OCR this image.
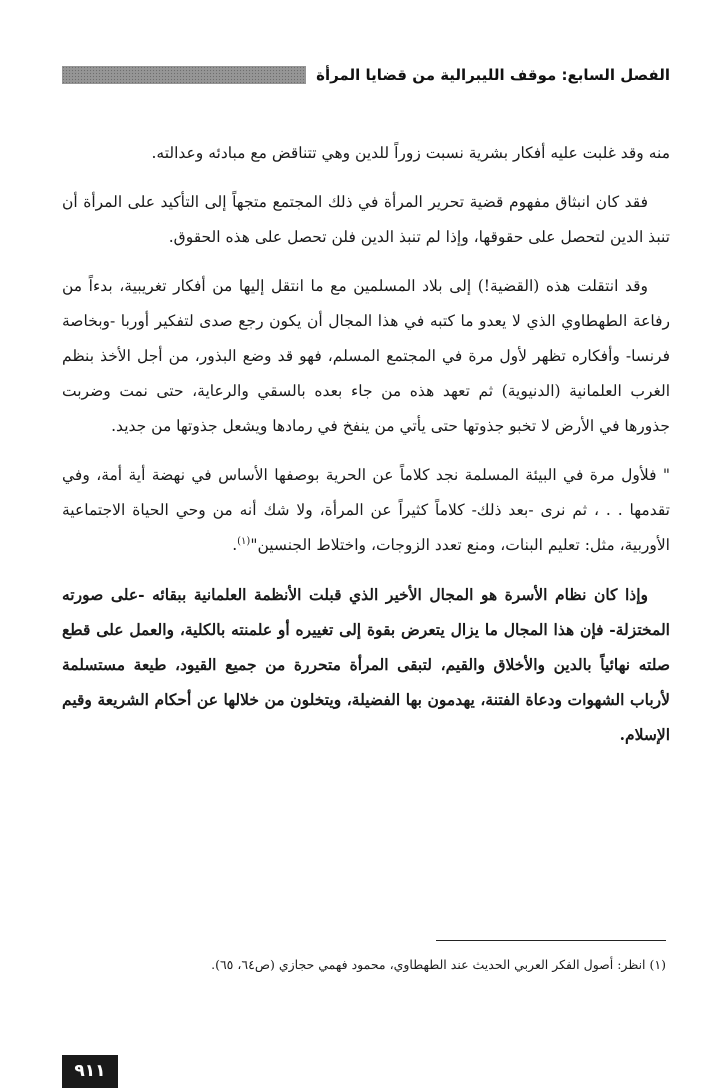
الفصل السابع: موقف الليبرالية من قضايا المرأة

منه وقد غلبت عليه أفكار بشرية نسبت زوراً للدين وهي تتناقض مع مبادئه وعدالته.

فقد كان انبثاق مفهوم قضية تحرير المرأة في ذلك المجتمع متجهاً إلى التأكيد على المرأة أن تنبذ الدين لتحصل على حقوقها، وإذا لم تنبذ الدين فلن تحصل على هذه الحقوق.

وقد انتقلت هذه (القضية!) إلى بلاد المسلمين مع ما انتقل إليها من أفكار تغريبية، بدءاً من رفاعة الطهطاوي الذي لا يعدو ما كتبه في هذا المجال أن يكون رجع صدى لتفكير أوربا -وبخاصة فرنسا- وأفكاره تظهر لأول مرة في المجتمع المسلم، فهو قد وضع البذور، من أجل الأخذ بنظم الغرب العلمانية (الدنيوية) ثم تعهد هذه من جاء بعده بالسقي والرعاية، حتى نمت وضربت جذورها في الأرض لا تخبو جذوتها حتى يأتي من ينفخ في رمادها ويشعل جذوتها من جديد.

" فلأول مرة في البيئة المسلمة نجد كلاماً عن الحرية بوصفها الأساس في نهضة أية أمة، وفي تقدمها . . ، ثم نرى -بعد ذلك- كلاماً كثيراً عن المرأة، ولا شك أنه من وحي الحياة الاجتماعية الأوربية، مثل: تعليم البنات، ومنع تعدد الزوجات، واختلاط الجنسين"$^{(١)}$.

وإذا كان نظام الأسرة هو المجال الأخير الذي قبلت الأنظمة العلمانية ببقائه -على صورته المختزلة- فإن هذا المجال ما يزال يتعرض بقوة إلى تغييره أو علمنته بالكلية، والعمل على قطع صلته نهائياً بالدين والأخلاق والقيم، لتبقى المرأة متحررة من جميع القيود، طيعة مستسلمة لأرباب الشهوات ودعاة الفتنة، يهدمون بها الفضيلة، ويتخلون من خلالها عن أحكام الشريعة وقيم الإسلام.

(١) انظر: أصول الفكر العربي الحديث عند الطهطاوي، محمود فهمي حجازي (ص٦٤، ٦٥).
٩١١
